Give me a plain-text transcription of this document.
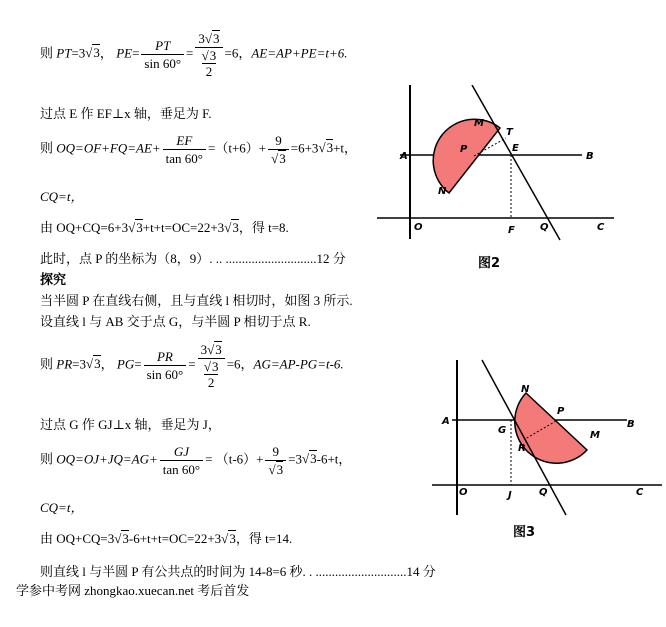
则 PT=3√3， $PE= \frac{PT}{\sin 60^\circ} = \frac{3√3}{\frac{√3}{2}} =6$，AE=AP+PE=t+6.
过点 E 作 EF⊥x 轴，垂足为 F.
则 $OQ=OF+FQ=AE+ \frac{EF}{\tan 60^\circ} =(t+6)+ \frac{9}{√3} =6+3√3+t$，
CQ=t，
由 OQ+CQ=6+3√3+t+t=OC=22+3√3，得 t=8.
此时，点 P 的坐标为（8，9）. .. ............................12 分
探究
当半圆 P 在直线右侧，且与直线 l 相切时，如图 3 所示.
设直线 l 与 AB 交于点 G，与半圆 P 相切于点 R.
则 PR=3√3， $PG= \frac{PR}{\sin 60^\circ} = \frac{3√3}{\frac{√3}{2}} =6$，AG=AP-PG=t-6.
过点 G 作 GJ⊥x 轴，垂足为 J，
则 $OQ=OJ+JQ=AG+ \frac{GJ}{\tan 60^\circ} = (t-6)+ \frac{9}{√3} =3√3-6+t$，
CQ=t，
由 OQ+CQ=3√3-6+t+t=OC=22+3√3，得 t=14.
则直线 l 与半圆 P 有公共点的时间为 14-8=6 秒. . ............................14 分
学参中考网 zhongkao.xuecan.net 考后首发
A	B
O	F	Q	C
M
T
P	E
N
图2
A	B
O	J	Q	C
N
P
G
R
M
图3
